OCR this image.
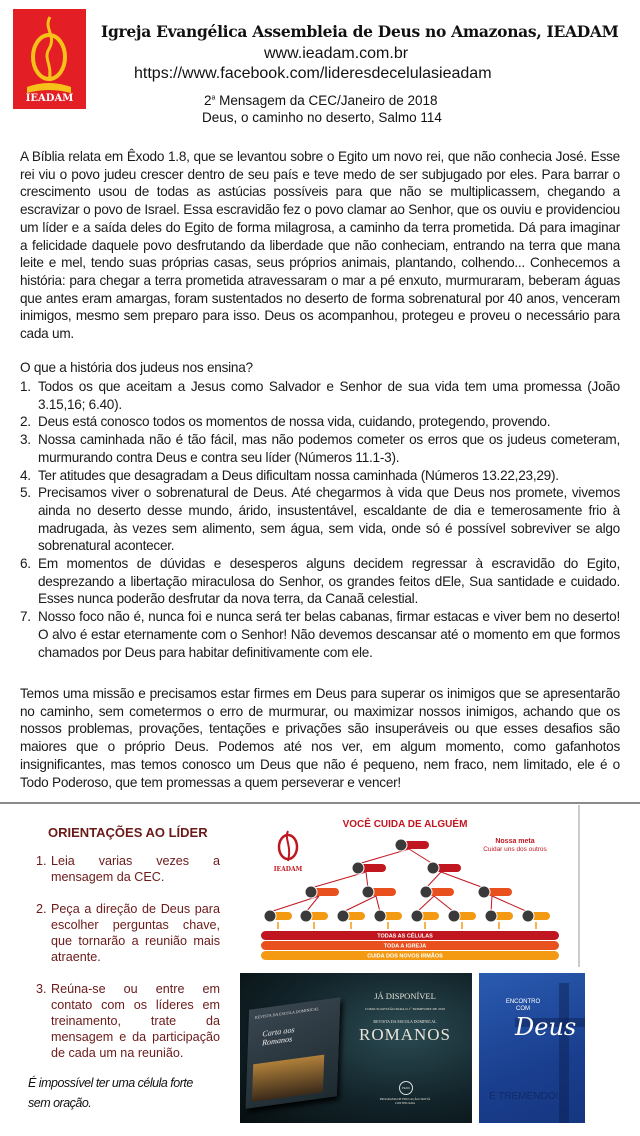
IEADAM
Igreja Evangélica Assembleia de Deus no Amazonas, IEADAM
www.ieadam.com.br
https://www.facebook.com/lideresdecelulasieadam
2$^a$ Mensagem da CEC/Janeiro de 2018
Deus, o caminho no deserto, Salmo 114
A Bíblia relata em Êxodo 1.8, que se levantou sobre o Egito um novo rei, que não conhecia José. Esse rei viu o povo judeu crescer dentro de seu país e teve medo de ser subjugado por eles. Para barrar o crescimento usou de todas as astúcias possíveis para que não se multiplicassem, chegando a escravizar o povo de Israel. Essa escravidão fez o povo clamar ao Senhor, que os ouviu e providenciou um líder e a saída deles do Egito de forma milagrosa, a caminho da terra prometida. Dá para imaginar a felicidade daquele povo desfrutando da liberdade que não conheciam, entrando na terra que mana leite e mel, tendo suas próprias casas, seus próprios animais, plantando, colhendo... Conhecemos a história: para chegar a terra prometida atravessaram o mar a pé enxuto, murmuraram, beberam águas que antes eram amargas, foram sustentados no deserto de forma sobrenatural por 40 anos, venceram inimigos, mesmo sem preparo para isso. Deus os acompanhou, protegeu e proveu o necessário para cada um.
O que a história dos judeus nos ensina?
1. Todos os que aceitam a Jesus como Salvador e Senhor de sua vida tem uma promessa (João 3.15,16; 6.40).
2. Deus está conosco todos os momentos de nossa vida, cuidando, protegendo, provendo.
3. Nossa caminhada não é tão fácil, mas não podemos cometer os erros que os judeus cometeram, murmurando contra Deus e contra seu líder (Números 11.1-3).
4. Ter atitudes que desagradam a Deus dificultam nossa caminhada (Números 13.22,23,29).
5. Precisamos viver o sobrenatural de Deus. Até chegarmos à vida que Deus nos promete, vivemos ainda no deserto desse mundo, árido, insustentável, escaldante de dia e temerosamente frio à madrugada, às vezes sem alimento, sem água, sem vida, onde só é possível sobreviver se algo sobrenatural acontecer.
6. Em momentos de dúvidas e desesperos alguns decidem regressar à escravidão do Egito, desprezando a libertação miraculosa do Senhor, os grandes feitos dEle, Sua santidade e cuidado. Esses nunca poderão desfrutar da nova terra, da Canaã celestial.
7. Nosso foco não é, nunca foi e nunca será ter belas cabanas, firmar estacas e viver bem no deserto! O alvo é estar eternamente com o Senhor! Não devemos descansar até o momento em que formos chamados por Deus para habitar definitivamente com ele.
Temos uma missão e precisamos estar firmes em Deus para superar os inimigos que se apresentarão no caminho, sem cometermos o erro de murmurar, ou maximizar nossos inimigos, achando que os nossos problemas, provações, tentações e privações são insuperáveis ou que esses desafios são maiores que o próprio Deus. Podemos até nos ver, em algum momento, como gafanhotos insignificantes, mas temos conosco um Deus que não é pequeno, nem fraco, nem limitado, ele é o Todo Poderoso, que tem promessas a quem perseverar e vencer!
ORIENTAÇÕES AO LÍDER
1. Leia varias vezes a mensagem da CEC.
2. Peça a direção de Deus para escolher perguntas chave, que tornarão a reunião mais atraente.
3. Reúna-se ou entre em contato com os líderes em treinamento, trate da mensagem e da participação de cada um na reunião.
É impossível ter uma célula forte sem oração.
VOCÊ CUIDA DE ALGUÉM
IEADAM
Nossa meta
Cuidar uns dos outros
TODAS AS CÉLULAS
TODA A IGREJA
CUIDA DOS NOVOS IRMÃOS
REVISTA DA ESCOLA DOMINICAL
Carta aos Romanos
JÁ DISPONÍVEL
COMO SUGESTÃO PARA O 1º TRIMESTRE DE 2018
REVISTA DA ESCOLA DOMINICAL
ROMANOS
PEDC
PROGRAMA DE EDUCAÇÃO CRISTÃ CONTINUADA
ENCONTRO
COM
Deus
É TREMENDO!
